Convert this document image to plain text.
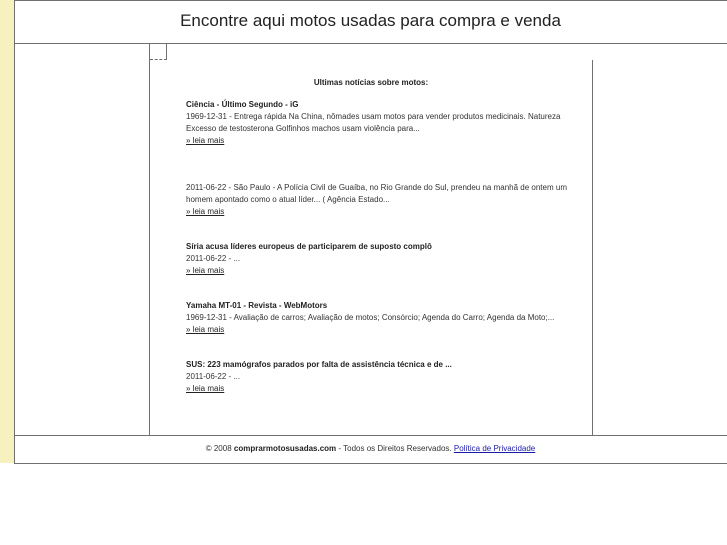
Encontre aqui motos usadas para compra e venda
Ultimas notícias sobre motos:
Ciência - Último Segundo - iG
1969-12-31 - Entrega rápida Na China, nômades usam motos para vender produtos medicinais. Natureza Excesso de testosterona Golfinhos machos usam violência para...
» leia mais
2011-06-22 - São Paulo - A Polícia Civil de Guaíba, no Rio Grande do Sul, prendeu na manhã de ontem um homem apontado como o atual líder... ( Agência Estado...
» leia mais
Síria acusa líderes europeus de participarem de suposto complô
2011-06-22 - ...
» leia mais
Yamaha MT-01 - Revista - WebMotors
1969-12-31 - Avaliação de carros; Avaliação de motos; Consórcio; Agenda do Carro; Agenda da Moto;...
» leia mais
SUS: 223 mamógrafos parados por falta de assistência técnica e de ...
2011-06-22 - ...
» leia mais
© 2008 comprarmotosusadas.com - Todos os Direitos Reservados. Política de Privacidade
